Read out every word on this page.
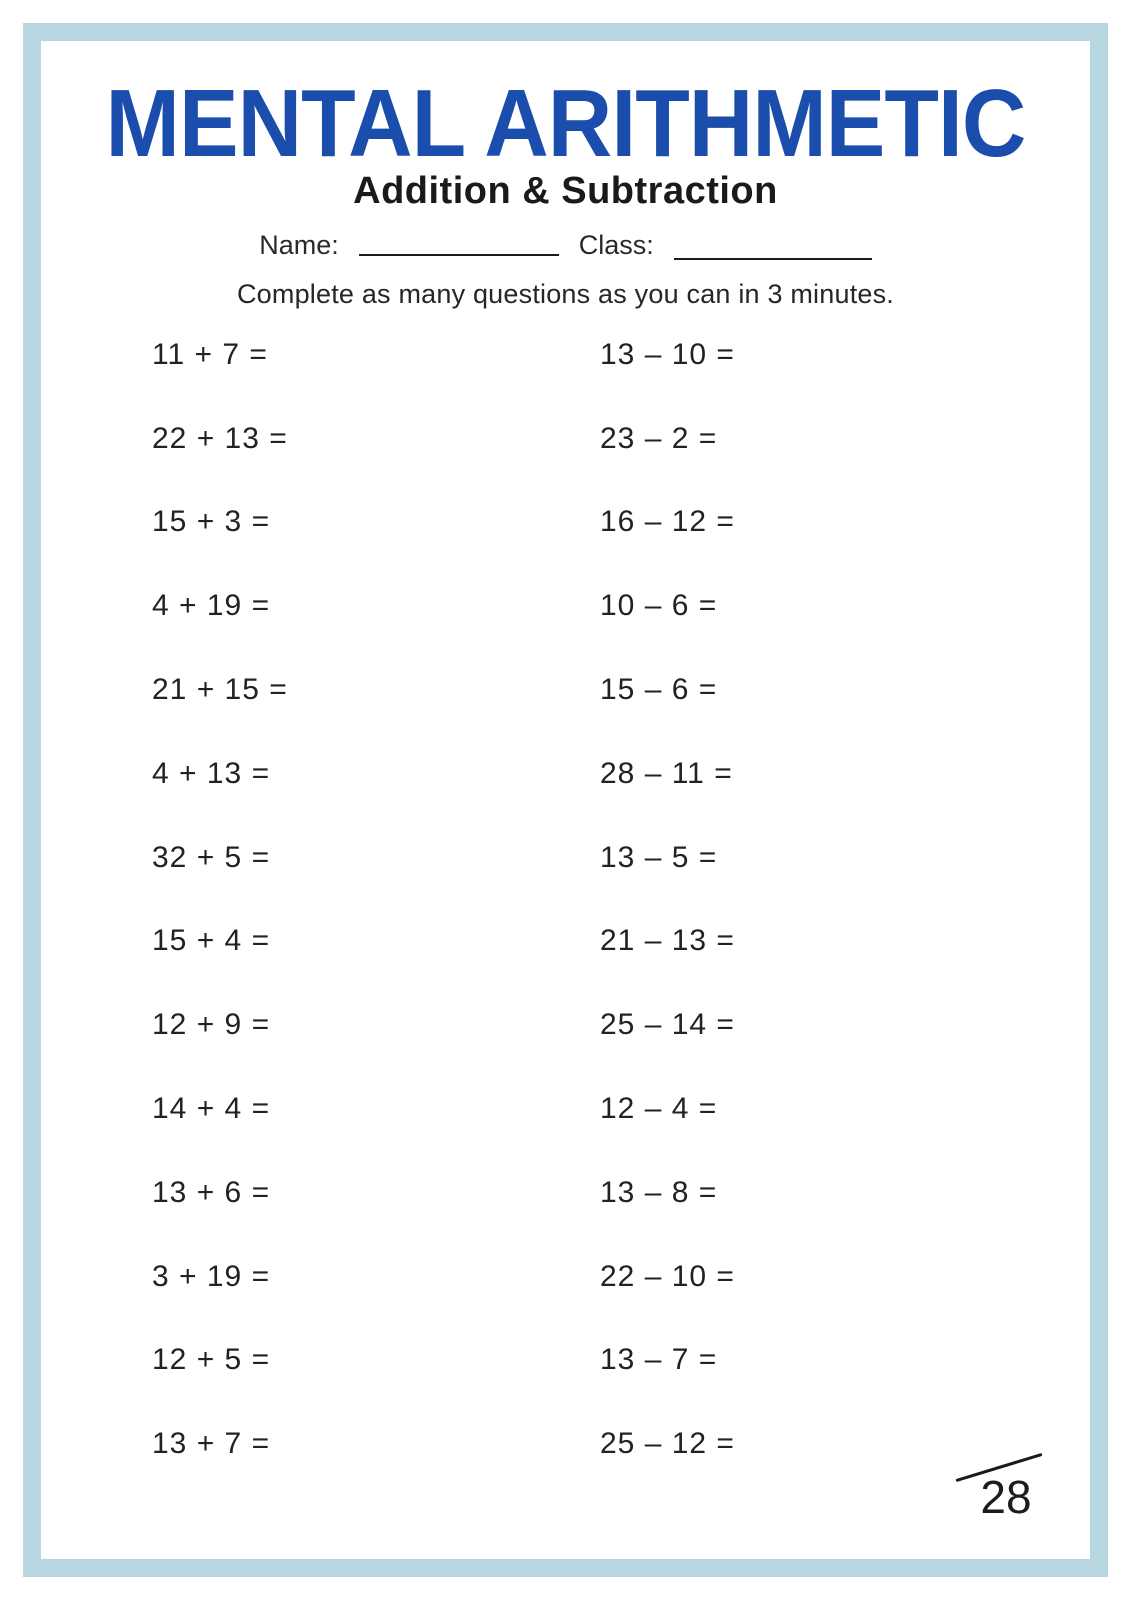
MENTAL ARITHMETIC
Addition & Subtraction
Name:	Class:
Complete as many questions as you can in 3 minutes.
11 + 7 =
22 + 13 =
15 + 3 =
4 + 19 =
21 + 15 =
4 + 13 =
32 + 5 =
15 + 4 =
12 + 9 =
14 + 4 =
13 + 6 =
3 + 19 =
12 + 5 =
13 + 7 =
13 – 10 =
23 – 2 =
16 – 12 =
10 – 6 =
15 – 6 =
28 – 11 =
13 – 5 =
21 – 13 =
25 – 14 =
12 – 4 =
13 – 8 =
22 – 10 =
13 – 7 =
25 – 12 =
28
